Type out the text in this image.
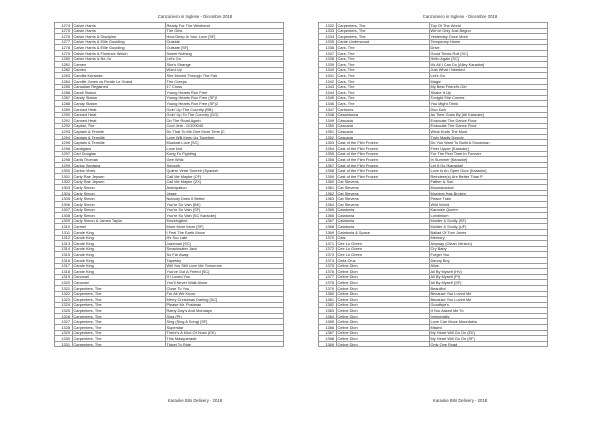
Canzoniero in Inglese - Dicembre 2018	Canzoniero in Inglese - Dicembre 2018
1274	Calvin Harris	Ready For The Weekend
1275	Calvin Harris	The Girls
1276	Calvin Harris & Disciples	How Deep Is Your Love [SF]
1277	Calvin Harris & Ellie Goulding	Outside
1278	Calvin Harris & Ellie Goulding	Outside [SF]
1279	Calvin Harris & Florence Welch	Sweet Nothing
1280	Calvin Harris & Ne-Yo	Let's Go
1281	Cameo	She's Strange
1282	Cameo	Word Up
1283	Camilla Kerslake	She Moved Through The Fair
1284	Camille Jones vs Fedde Le Grand	The Creeps
1285	Canadian Regained	17 Cross
1286	Candi Staton	Young Hearts Run Free
1287	Candy Staton	Young Hearts Run Free (SF)I
1288	Candy Staton	Young Hearts Run Free (SF)2
1289	Canned Heat	Goin' Up The Country (BB)
1290	Canned Heat	Goin' Up To The Country (DG)
1291	Canned Heat	On The Road Again
1292	Capital, The	Cool Jerk - DG09045
1293	Captain & Tennile	Do That To Me One More Time [C
1294	Captain & Tennille	Love Will Keep Us Together
1295	Captain & Tennille	Muskrat Love [SC]
1296	Cardigans	Love fool
1297	Carl Douglas	Kung Fu Fighting
1298	Carla Thomas	Gee Whiz
1299	Carlos Santana	Smooth
1300	Carlos Vives	Quiero Verte Sonreir (Spanish
1301	Carly Rae Jepsen	Call Me Maybe (CF)
1302	Carly Rae Jepsen	Call Me Maybe (ZX)
1303	Carly Simon	Anticipation
1304	Carly Simon	Jesse
1305	Carly Simon	Nobody Does It Better
1306	Carly Simon	You're So Vain (BK)
1307	Carly Simon	You're So Vain (SF)
1308	Carly Simon	You're So Vain [SC Karaoke]
1309	Carly Simon & James Taylor	Mockingbird
1310	Carmel	More More More [SF]
1311	Carole King	I Feel The Earth Move
1312	Carole King	It's Too Late
1313	Carole King	Jazzman [SC]
1314	Carole King	Smackwater Jack
1315	Carole King	So Far Away
1316	Carole King	Tapestry
1317	Carole King	Will You Still Love Me Tomorrow
1318	Carole King	You've Got A Friend [SC]
1319	Carousel	If I Loved You
1320	Carousel	You'll Never Walk Alone
1321	Carpenters, The	Close To You
1322	Carpenters, The	For All We Know
1323	Carpenters, The	Merry Christmas Darling [SC]
1324	Carpenters, The	Please Mr. Postman
1325	Carpenters, The	Rainy Day's And Mondays
1326	Carpenters, The	Sing (PI)
1327	Carpenters, The	Sing (Sing A Song) [SF]
1328	Carpenters, The	Superstar
1329	Carpenters, The	There's A Kind Of Hush (EK)
1330	Carpenters, The	This Masquerade
1331	Carpenters, The	Ticket To Ride
1332	Carpenters, The	Top Of The World
1333	Carpenters, The	We've Only Just Begun
1334	Carpenters, The	Yesterday Once More
1335	Carrie Underwood	Temporary Home
1336	Cars, The	Drive
1337	Cars, The	Good Times Roll [SC]
1338	Cars, The	Hello Again [SC]
1339	Cars, The	It's All I Can Do [Alley Karaoke]
1340	Cars, The	Just What I Needed
1341	Cars, The	Let's Go
1342	Cars, The	Magic
1343	Cars, The	My Best Friend's Girl
1344	Cars, The	Shake It Up
1345	Cars, The	Tonight She Comes
1346	Cars, The	You Might Think
1347	Cartoons	Doo Dah
1348	Casablanca	As Time Goes By [All Karaoke]
1349	Cascada	Evacuate The Dance Floor
1350	Cascada	Evacuate The Dance Floor
1351	Cascada	What Hurts The Most
1352	Cascada	Truly Madly Deeply
1353	Cast of the Film Frozen	Do You Want To Build A Snowman
1354	Cast of the Film Frozen	Fixer Upper [Karaoke]
1355	Cast of the Film Frozen	For The First Time In Forever
1356	Cast of the Film Frozen	In Summer [Karaoke]
1357	Cast of the Film Frozen	Let It Go [Karaoke]
1358	Cast of the Film Frozen	Love Is An Open Door [Karaoke]
1359	Cast of the Film Frozen	Reindeer(s) Are Better Than P
1360	Cat Stevens	Father & Son
1361	Cat Stevens	Moonshadow
1362	Cat Stevens	Morning Has Broken
1363	Cat Stevens	Peace Train
1364	Cat Stevens	Wild World
1365	Catatonia	Karaoke Queen
1366	Catatonia	Londinium
1367	Catatonia	Mulder & Scully (SF)
1368	Catatonia	Mulder & Scully (UF)
1369	Catatonia & Space	Ballad Of Tom Jones
1370	Cats	Memory
1371	Cee Lo Green	Anyway (Clean Version)
1372	Cee Lo Green	Cry Baby
1373	Cee Lo Green	Forget You
1374	Celia Cruz	Danny Boy
1375	Celine Dion	Alive
1376	Celine Dion	All By Myself (HV)
1377	Celine Dion	All By Myself (PI)
1378	Celine Dion	All By Myself (SF)
1379	Celine Dion	Beautiful
1380	Celine Dion	Because You Loved Me
1381	Celine Dion	Because You Loved Me
1382	Celine Dion	Goodbye's
1383	Celine Dion	If You Asked Me To
1384	Celine Dion	Immortality
1385	Celine Dion	Love Can Move Mountains
1386	Celine Dion	Misled
1387	Celine Dion	My Heart Will Go On (EK)
1388	Celine Dion	My Heart Will Go On (SF)
1389	Celine Dion	Only One Road
Karaoke Bits Delivery - 2018	Karaoke Bits Delivery - 2018
